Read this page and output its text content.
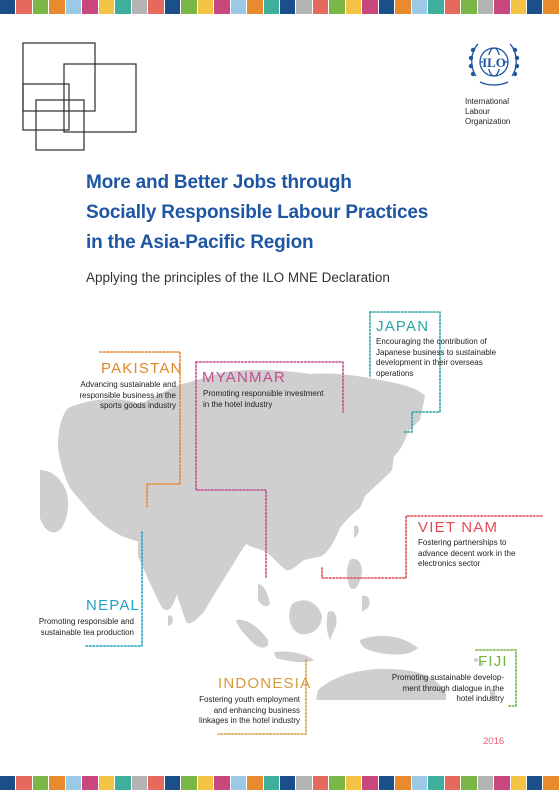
ILO
International
Labour
Organization
More and Better Jobs through
Socially Responsible Labour Practices
in the Asia-Pacific Region
Applying the principles of the ILO MNE Declaration
PAKISTAN
Advancing sustainable and
responsible business in the
sports goods industry
MYANMAR
Promoting responsible investment
in the hotel industry
JAPAN
Encouraging the contribution of
Japanese business to sustainable
development in their overseas
operations
VIET NAM
Fostering partnerships to
advance decent work in the
electronics sector
NEPAL
Promoting responsible and
sustainable tea production
INDONESIA
Fostering youth employment
and enhancing business
linkages in the hotel industry
FIJI
Promoting sustainable develop-
ment through dialogue in the
hotel industry
2016
